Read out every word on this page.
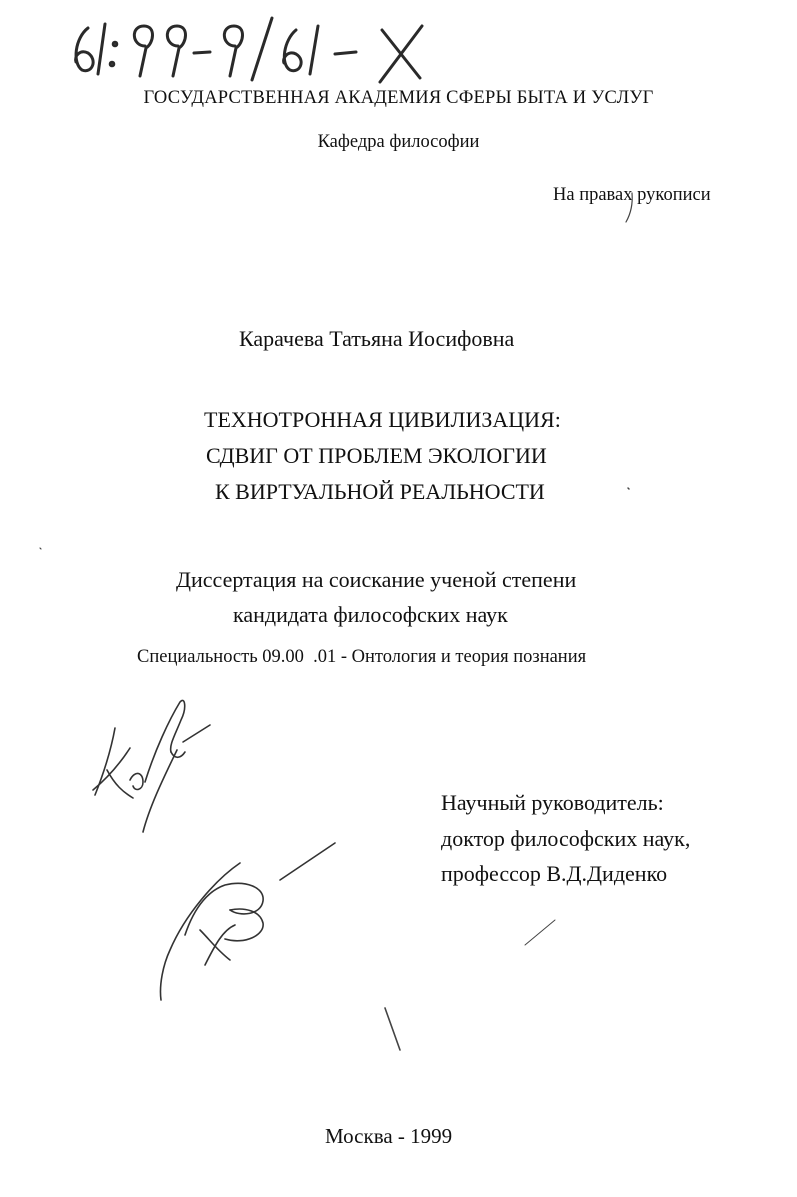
ГОСУДАРСТВЕННАЯ АКАДЕМИЯ СФЕРЫ БЫТА И УСЛУГ
Кафедра философии
На правах рукописи
Карачева Татьяна Иосифовна
ТЕХНОТРОННАЯ ЦИВИЛИЗАЦИЯ:
СДВИГ ОТ ПРОБЛЕМ ЭКОЛОГИИ
К ВИРТУАЛЬНОЙ РЕАЛЬНОСТИ
Диссертация на соискание ученой степени
кандидата философских наук
Специальность 09.00  .01 - Онтология и теория познания
Научный руководитель:
доктор философских наук,
профессор В.Д.Диденко
Москва - 1999
